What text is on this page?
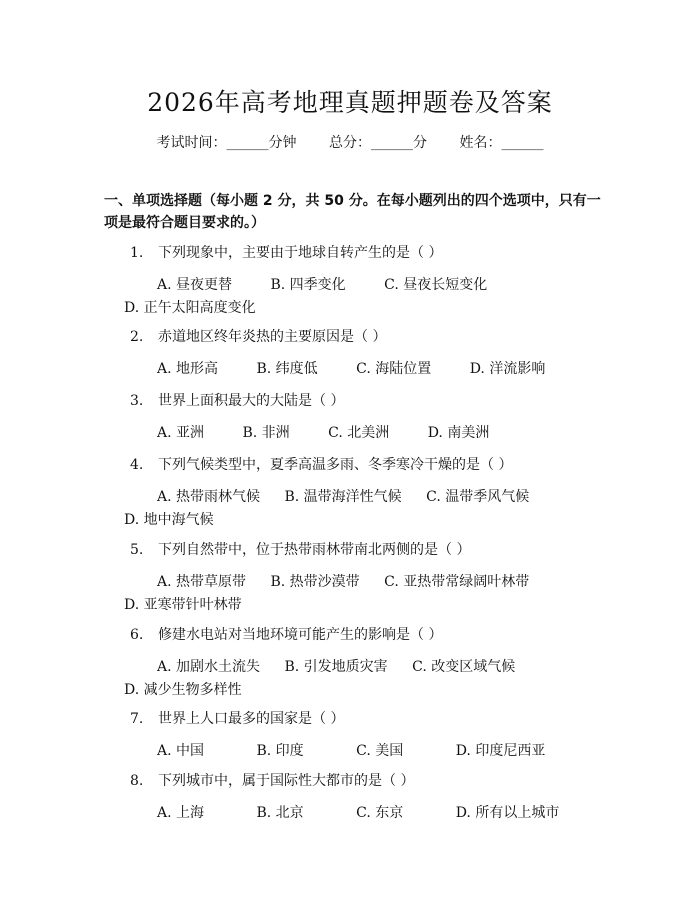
2026年高考地理真题押题卷及答案
考试时间：______分钟 总分：______分 姓名：______
一、单项选择题（每小题 2 分，共 50 分。在每小题列出的四个选项中，只有一项是最符合题目要求的。）
1. 下列现象中，主要由于地球自转产生的是（ ）
A. 昼夜更替	B. 四季变化	C. 昼夜长短变化 D. 正午太阳高度变化
2. 赤道地区终年炎热的主要原因是（ ）
A. 地形高	B. 纬度低	C. 海陆位置	D. 洋流影响
3. 世界上面积最大的大陆是（ ）
A. 亚洲	B. 非洲	C. 北美洲	D. 南美洲
4. 下列气候类型中，夏季高温多雨、冬季寒冷干燥的是（ ）
A. 热带雨林气候 B. 温带海洋性气候 C. 温带季风气候 D. 地中海气候
5. 下列自然带中，位于热带雨林带南北两侧的是（ ）
A. 热带草原带 B. 热带沙漠带 C. 亚热带常绿阔叶林带 D. 亚寒带针叶林带
6. 修建水电站对当地环境可能产生的影响是（ ）
A. 加剧水土流失 B. 引发地质灾害 C. 改变区域气候 D. 减少生物多样性
7. 世界上人口最多的国家是（ ）
A. 中国	B. 印度	C. 美国	D. 印度尼西亚
8. 下列城市中，属于国际性大都市的是（ ）
A. 上海	B. 北京	C. 东京	D. 所有以上城市
